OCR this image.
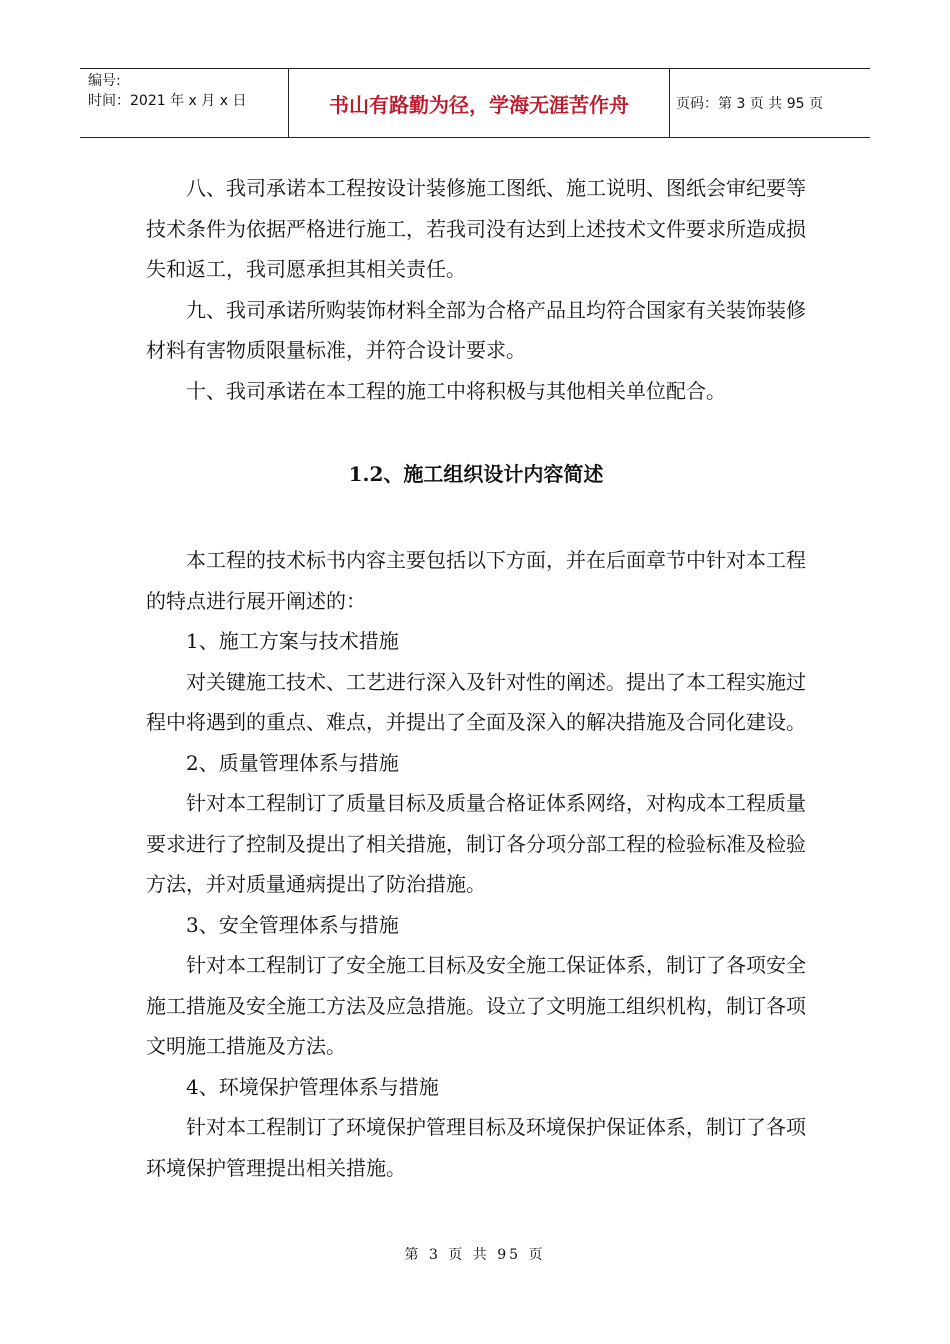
编号:
时间：2021 年 x 月 x 日	书山有路勤为径，学海无涯苦作舟	页码：第 3 页 共 95 页

八、我司承诺本工程按设计装修施工图纸、施工说明、图纸会审纪要等技术条件为依据严格进行施工，若我司没有达到上述技术文件要求所造成损失和返工，我司愿承担其相关责任。

九、我司承诺所购装饰材料全部为合格产品且均符合国家有关装饰装修材料有害物质限量标准，并符合设计要求。

十、我司承诺在本工程的施工中将积极与其他相关单位配合。

1.2、施工组织设计内容简述

本工程的技术标书内容主要包括以下方面，并在后面章节中针对本工程的特点进行展开阐述的：

1、施工方案与技术措施

对关键施工技术、工艺进行深入及针对性的阐述。提出了本工程实施过程中将遇到的重点、难点，并提出了全面及深入的解决措施及合同化建设。

2、质量管理体系与措施

针对本工程制订了质量目标及质量合格证体系网络，对构成本工程质量要求进行了控制及提出了相关措施，制订各分项分部工程的检验标准及检验方法，并对质量通病提出了防治措施。

3、安全管理体系与措施

针对本工程制订了安全施工目标及安全施工保证体系，制订了各项安全施工措施及安全施工方法及应急措施。设立了文明施工组织机构，制订各项文明施工措施及方法。

4、环境保护管理体系与措施

针对本工程制订了环境保护管理目标及环境保护保证体系，制订了各项环境保护管理提出相关措施。

第 3 页 共 95 页
